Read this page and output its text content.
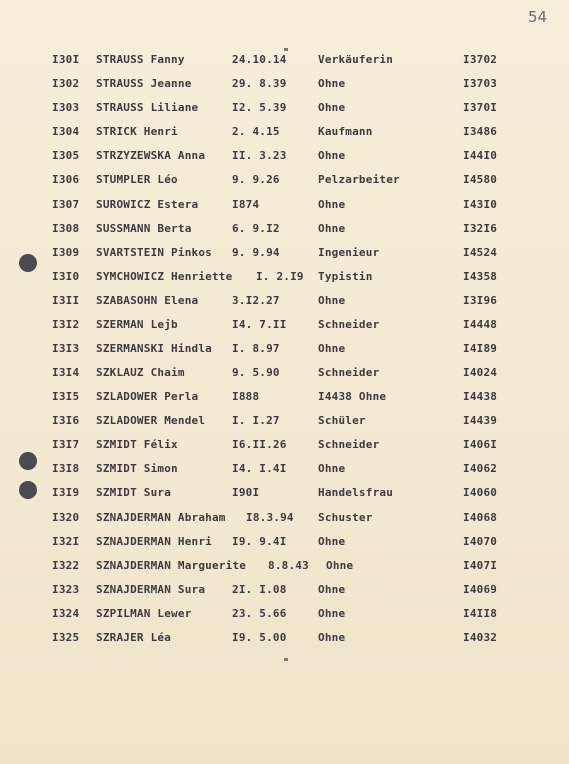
54
I30I STRAUSS Fanny	24.10.14	Verkäuferin	I3702
I302 STRAUSS Jeanne	29. 8.39	Ohne	I3703
I303 STRAUSS Liliane	I2. 5.39	Ohne	I370I
I304 STRICK Henri	2. 4.15	Kaufmann	I3486
I305 STRZYZEWSKA Anna II. 3.23	Ohne	I44I0
I306 STUMPLER Léo	9. 9.26	Pelzarbeiter	I4580
I307 SUROWICZ Estera	I874	Ohne	I43I0
I308 SUSSMANN Berta	6. 9.I2	Ohne	I32I6
I309 SVARTSTEIN Pinkos 9. 9.94	Ingenieur	I4524
I3I0 SYMCHOWICZ Henriette I. 2.I9 Typistin	I4358
I3II SZABASOHN Elena	3.I2.27	Ohne	I3I96
I3I2 SZERMAN Lejb	I4. 7.II	Schneider	I4448
I3I3 SZERMANSKI Hindla I. 8.97	Ohne	I4I89
I3I4 SZKLAUZ Chaim	9. 5.90	Schneider	I4024
I3I5 SZLADOWER Perla	I888	I4438 Ohne	I4438
I3I6 SZLADOWER Mendel I. I.27	Schüler	I4439
I3I7 SZMIDT Félix	I6.II.26	Schneider	I406I
I3I8 SZMIDT Simon	I4. I.4I	Ohne	I4062
I3I9 SZMIDT Sura	I90I	Handelsfrau	I4060
I320 SZNAJDERMAN Abraham I8.3.94 Schuster	I4068
I32I SZNAJDERMAN Henri I9. 9.4I	Ohne	I4070
I322 SZNAJDERMAN Marguerite 8.8.43 Ohne	I407I
I323 SZNAJDERMAN Sura 2I. I.08	Ohne	I4069
I324 SZPILMAN Lewer	23. 5.66	Ohne	I4II8
I325 SZRAJER Léa	I9. 5.00	Ohne	I4032
